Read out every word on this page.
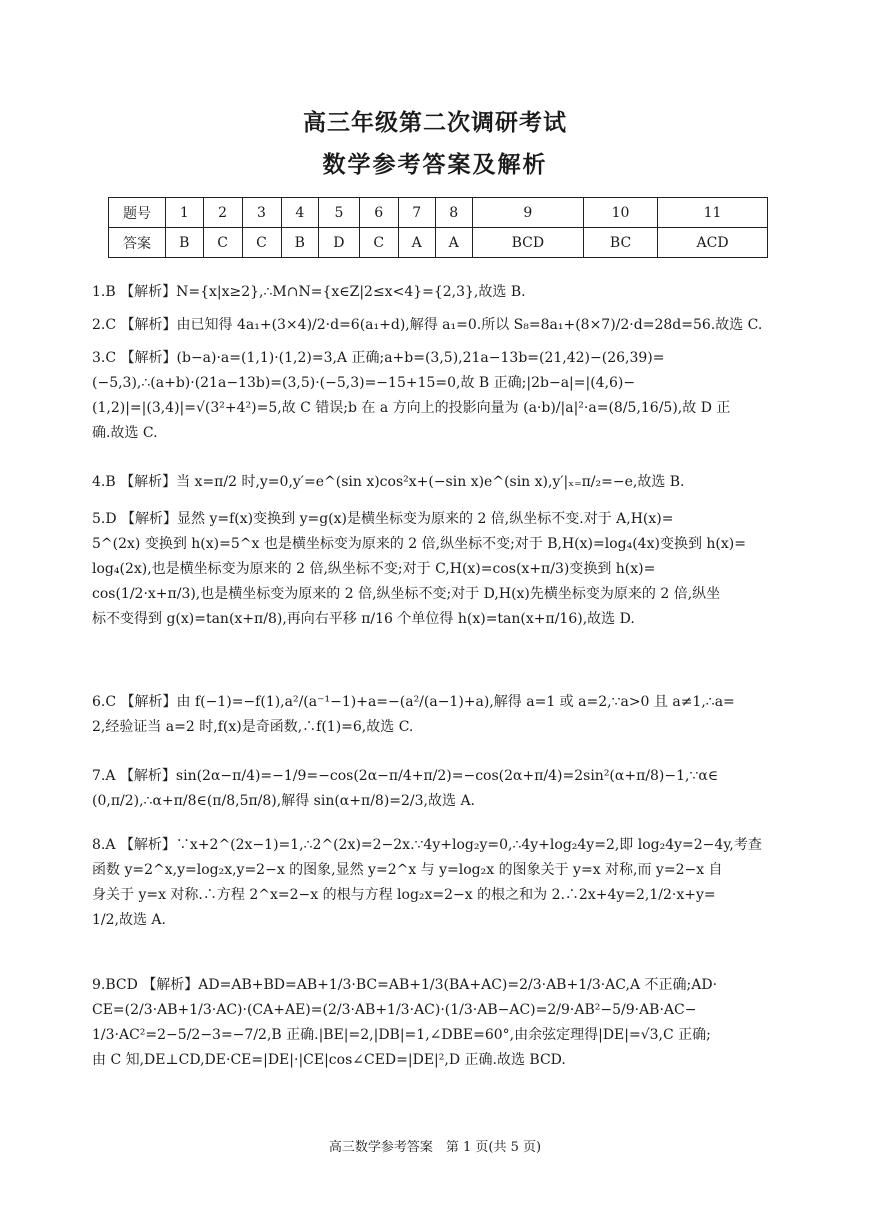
高三年级第二次调研考试
数学参考答案及解析
题号	1	2	3	4	5	6	7	8	9	10	11
答案	B	C	C	B	D	C	A	A	BCD	BC	ACD

1.B 【解析】N={x|x≥2},∴M∩N={x∈Z|2≤x<4}={2,3},故选 B.

2.C 【解析】由已知得 4a₁+(3×4)/2·d=6(a₁+d),解得 a₁=0.所以 S₈=8a₁+(8×7)/2·d=28d=56.故选 C.

3.C 【解析】(b−a)·a=(1,1)·(1,2)=3,A 正确;a+b=(3,5),21a−13b=(21,42)−(26,39)=

(−5,3),∴(a+b)·(21a−13b)=(3,5)·(−5,3)=−15+15=0,故 B 正确;|2b−a|=|(4,6)−

(1,2)|=|(3,4)|=√(3²+4²)=5,故 C 错误;b 在 a 方向上的投影向量为 (a·b)/|a|²·a=(8/5,16/5),故 D 正

确.故选 C.

4.B 【解析】当 x=π/2 时,y=0,y′=e^(sin x)cos²x+(−sin x)e^(sin x),y′|ₓ₌π/₂=−e,故选 B.

5.D 【解析】显然 y=f(x)变换到 y=g(x)是横坐标变为原来的 2 倍,纵坐标不变.对于 A,H(x)=

5^(2x) 变换到 h(x)=5^x 也是横坐标变为原来的 2 倍,纵坐标不变;对于 B,H(x)=log₄(4x)变换到 h(x)=

log₄(2x),也是横坐标变为原来的 2 倍,纵坐标不变;对于 C,H(x)=cos(x+π/3)变换到 h(x)=

cos(1/2·x+π/3),也是横坐标变为原来的 2 倍,纵坐标不变;对于 D,H(x)先横坐标变为原来的 2 倍,纵坐

标不变得到 g(x)=tan(x+π/8),再向右平移 π/16 个单位得 h(x)=tan(x+π/16),故选 D.

6.C 【解析】由 f(−1)=−f(1),a²/(a⁻¹−1)+a=−(a²/(a−1)+a),解得 a=1 或 a=2,∵a>0 且 a≠1,∴a=

2,经验证当 a=2 时,f(x)是奇函数,∴f(1)=6,故选 C.

7.A 【解析】sin(2α−π/4)=−1/9=−cos(2α−π/4+π/2)=−cos(2α+π/4)=2sin²(α+π/8)−1,∵α∈

(0,π/2),∴α+π/8∈(π/8,5π/8),解得 sin(α+π/8)=2/3,故选 A.

8.A 【解析】∵x+2^(2x−1)=1,∴2^(2x)=2−2x.∵4y+log₂y=0,∴4y+log₂4y=2,即 log₂4y=2−4y,考查

函数 y=2^x,y=log₂x,y=2−x 的图象,显然 y=2^x 与 y=log₂x 的图象关于 y=x 对称,而 y=2−x 自

身关于 y=x 对称.∴方程 2^x=2−x 的根与方程 log₂x=2−x 的根之和为 2.∴2x+4y=2,1/2·x+y=

1/2,故选 A.

9.BCD 【解析】AD=AB+BD=AB+1/3·BC=AB+1/3(BA+AC)=2/3·AB+1/3·AC,A 不正确;AD·

CE=(2/3·AB+1/3·AC)·(CA+AE)=(2/3·AB+1/3·AC)·(1/3·AB−AC)=2/9·AB²−5/9·AB·AC−

1/3·AC²=2−5/2−3=−7/2,B 正确.|BE|=2,|DB|=1,∠DBE=60°,由余弦定理得|DE|=√3,C 正确;

由 C 知,DE⊥CD,DE·CE=|DE|·|CE|cos∠CED=|DE|²,D 正确.故选 BCD.

高三数学参考答案　第 1 页(共 5 页)
